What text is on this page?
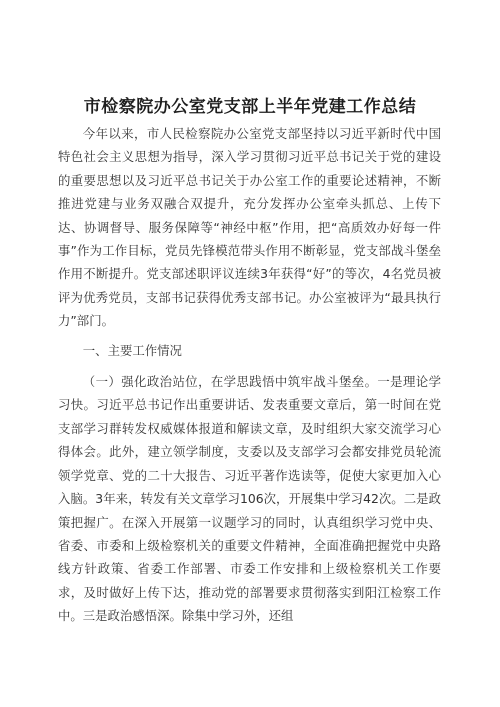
市检察院办公室党支部上半年党建工作总结

今年以来，市人民检察院办公室党支部坚持以习近平新时代中国特色社会主义思想为指导，深入学习贯彻习近平总书记关于党的建设的重要思想以及习近平总书记关于办公室工作的重要论述精神，不断推进党建与业务双融合双提升，充分发挥办公室牵头抓总、上传下达、协调督导、服务保障等“神经中枢”作用，把“高质效办好每一件事”作为工作目标，党员先锋模范带头作用不断彰显，党支部战斗堡垒作用不断提升。党支部述职评议连续3年获得“好”的等次，4名党员被评为优秀党员，支部书记获得优秀支部书记。办公室被评为“最具执行力”部门。

一、主要工作情况

（一）强化政治站位，在学思践悟中筑牢战斗堡垒。一是理论学习快。习近平总书记作出重要讲话、发表重要文章后，第一时间在党支部学习群转发权威媒体报道和解读文章，及时组织大家交流学习心得体会。此外，建立领学制度，支委以及支部学习会都安排党员轮流领学党章、党的二十大报告、习近平著作选读等，促使大家更加入心入脑。3年来，转发有关文章学习106次，开展集中学习42次。二是政策把握广。在深入开展第一议题学习的同时，认真组织学习党中央、省委、市委和上级检察机关的重要文件精神，全面准确把握党中央路线方针政策、省委工作部署、市委工作安排和上级检察机关工作要求，及时做好上传下达，推动党的部署要求贯彻落实到阳江检察工作中。三是政治感悟深。除集中学习外，还组
